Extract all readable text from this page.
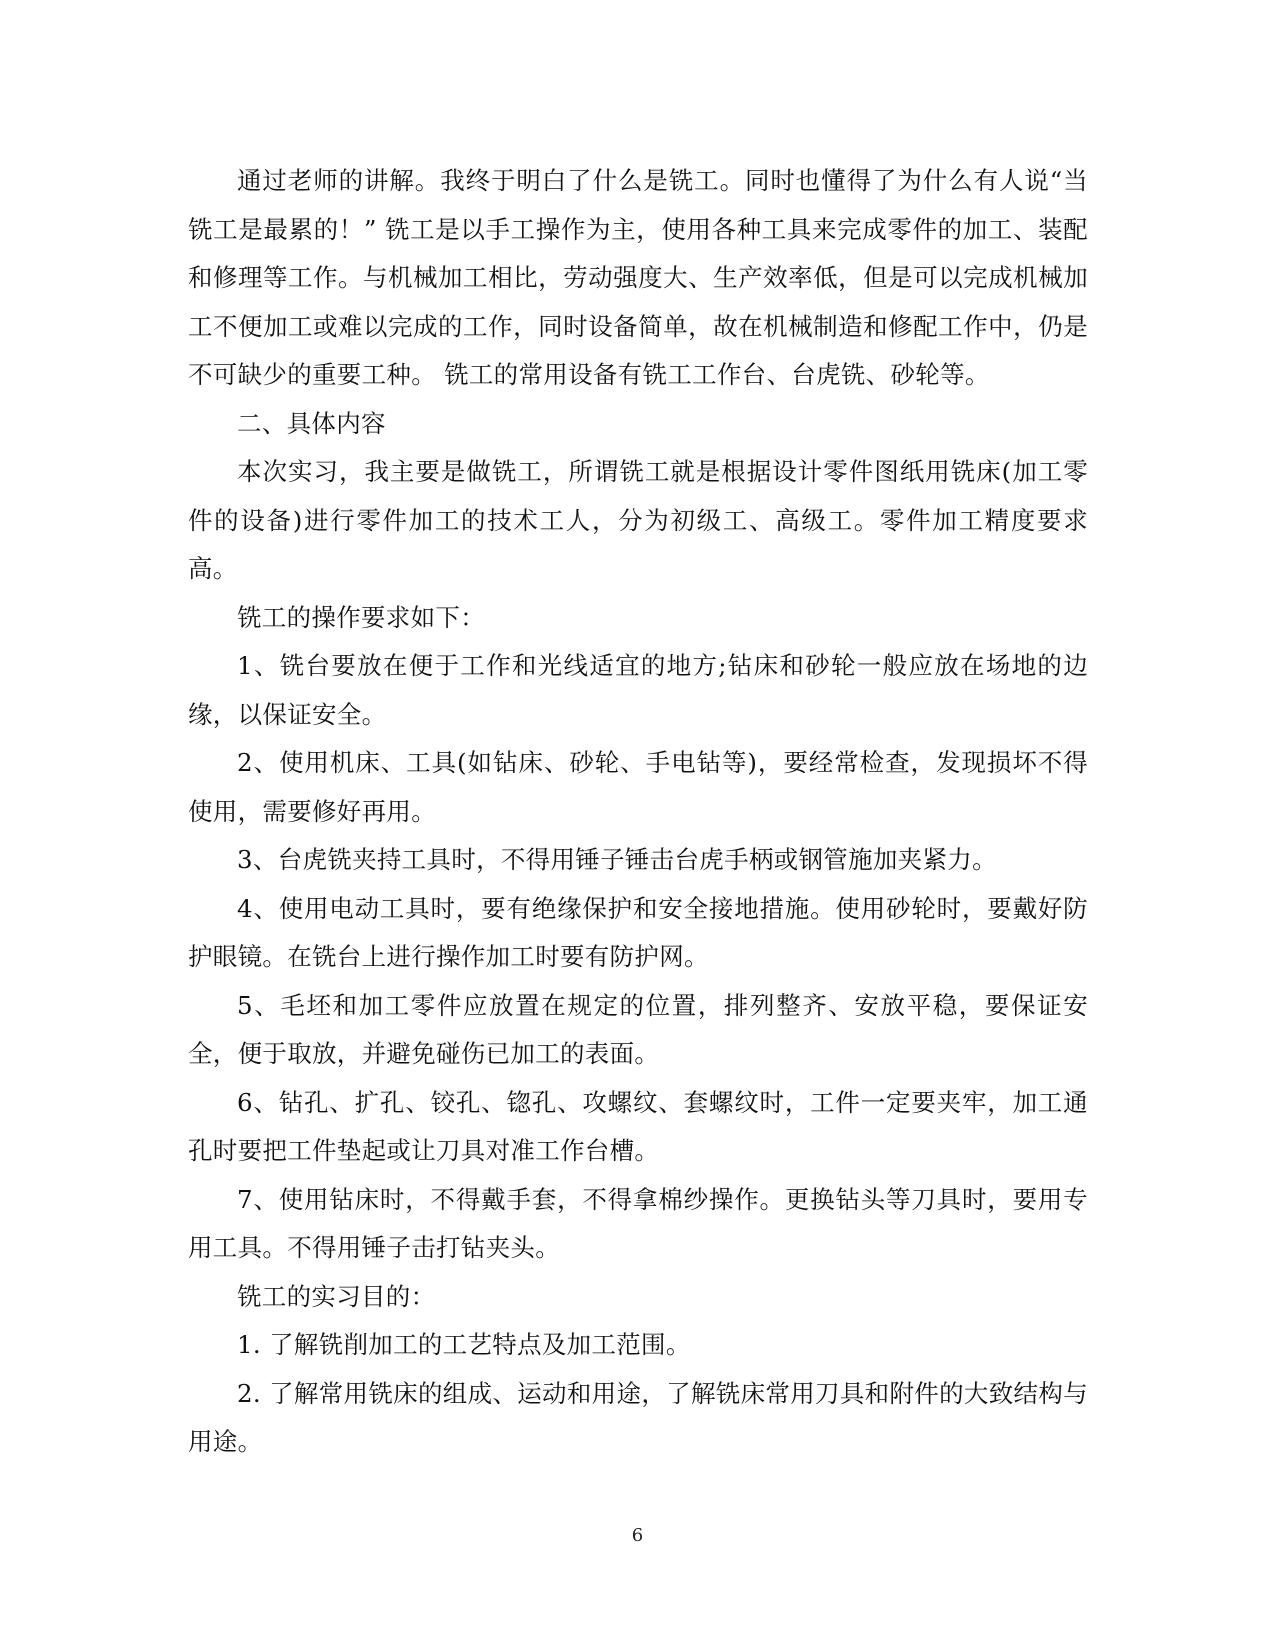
通过老师的讲解。我终于明白了什么是铣工。同时也懂得了为什么有人说“当铣工是最累的！” 铣工是以手工操作为主，使用各种工具来完成零件的加工、装配和修理等工作。与机械加工相比，劳动强度大、生产效率低，但是可以完成机械加工不便加工或难以完成的工作，同时设备简单，故在机械制造和修配工作中，仍是不可缺少的重要工种。 铣工的常用设备有铣工工作台、台虎铣、砂轮等。

二、具体内容

本次实习，我主要是做铣工，所谓铣工就是根据设计零件图纸用铣床(加工零件的设备)进行零件加工的技术工人，分为初级工、高级工。零件加工精度要求高。

铣工的操作要求如下：

1、铣台要放在便于工作和光线适宜的地方;钻床和砂轮一般应放在场地的边缘，以保证安全。

2、使用机床、工具(如钻床、砂轮、手电钻等)，要经常检查，发现损坏不得使用，需要修好再用。

3、台虎铣夹持工具时，不得用锤子锤击台虎手柄或钢管施加夹紧力。

4、使用电动工具时，要有绝缘保护和安全接地措施。使用砂轮时，要戴好防护眼镜。在铣台上进行操作加工时要有防护网。

5、毛坯和加工零件应放置在规定的位置，排列整齐、安放平稳，要保证安全，便于取放，并避免碰伤已加工的表面。

6、钻孔、扩孔、铰孔、锪孔、攻螺纹、套螺纹时，工件一定要夹牢，加工通孔时要把工件垫起或让刀具对准工作台槽。

7、使用钻床时，不得戴手套，不得拿棉纱操作。更换钻头等刀具时，要用专用工具。不得用锤子击打钻夹头。

铣工的实习目的：

1. 了解铣削加工的工艺特点及加工范围。

2. 了解常用铣床的组成、运动和用途，了解铣床常用刀具和附件的大致结构与用途。

6
